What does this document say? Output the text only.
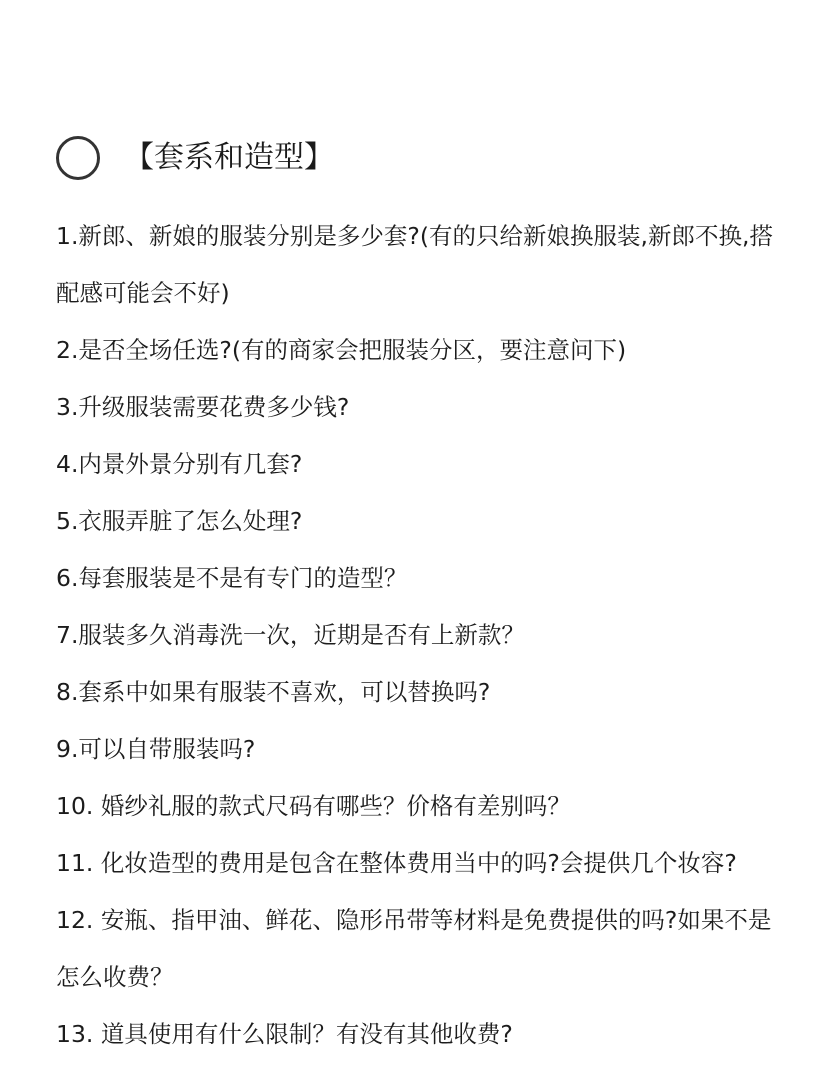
【套系和造型】
1.新郎、新娘的服装分别是多少套?(有的只给新娘换服装,新郎不换,搭配感可能会不好)
2.是否全场任选?(有的商家会把服装分区，要注意问下)
3.升级服装需要花费多少钱?
4.内景外景分别有几套?
5.衣服弄脏了怎么处理?
6.每套服装是不是有专门的造型？
7.服装多久消毒洗一次，近期是否有上新款？
8.套系中如果有服装不喜欢，可以替换吗?
9.可以自带服装吗?
10. 婚纱礼服的款式尺码有哪些？价格有差别吗？
11. 化妆造型的费用是包含在整体费用当中的吗?会提供几个妆容?
12. 安瓶、指甲油、鲜花、隐形吊带等材料是免费提供的吗?如果不是怎么收费？
13. 道具使用有什么限制？有没有其他收费?
